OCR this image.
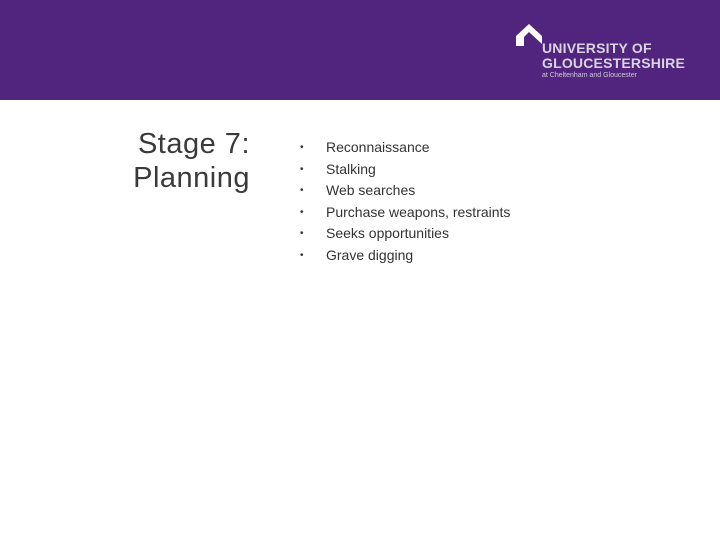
UNIVERSITY OF
GLOUCESTERSHIRE
at Cheltenham and Gloucester
Stage 7:
Planning
• Reconnaissance
• Stalking
• Web searches
• Purchase weapons, restraints
• Seeks opportunities
• Grave digging
